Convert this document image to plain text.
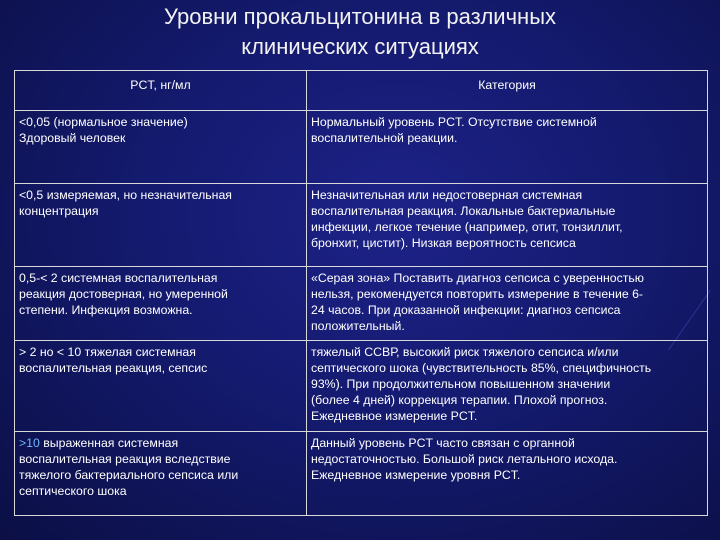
Уровни прокальцитонина в различных
клинических ситуациях
PCT, нг/мл	Категория

<0,05 (нормальное значение)
Здоровый человек	Нормальный уровень PCT. Отсутствие системной
воспалительной реакции.

<0,5 измеряемая, но незначительная
концентрация	Незначительная или недостоверная системная
воспалительная реакция. Локальные бактериальные
инфекции, легкое течение (например, отит, тонзиллит,
бронхит, цистит). Низкая вероятность сепсиса

0,5-< 2 системная воспалительная
реакция достоверная, но умеренной
степени. Инфекция возможна.	«Серая зона» Поставить диагноз сепсиса с уверенностью
нельзя, рекомендуется повторить измерение в течение 6-
24 часов. При доказанной инфекции: диагноз сепсиса
положительный.

> 2 но < 10 тяжелая системная
воспалительная реакция, сепсис	тяжелый ССВР, высокий риск тяжелого сепсиса и/или
септического шока (чувствительность 85%, специфичность
93%). При продолжительном повышенном значении
(более 4 дней) коррекция терапии. Плохой прогноз.
Ежедневное измерение PCT.

>10 выраженная системная
воспалительная реакция вследствие
тяжелого бактериального сепсиса или
септического шока	Данный уровень PCT часто связан с органной
недостаточностью. Большой риск летального исхода.
Ежедневное измерение уровня PCT.
